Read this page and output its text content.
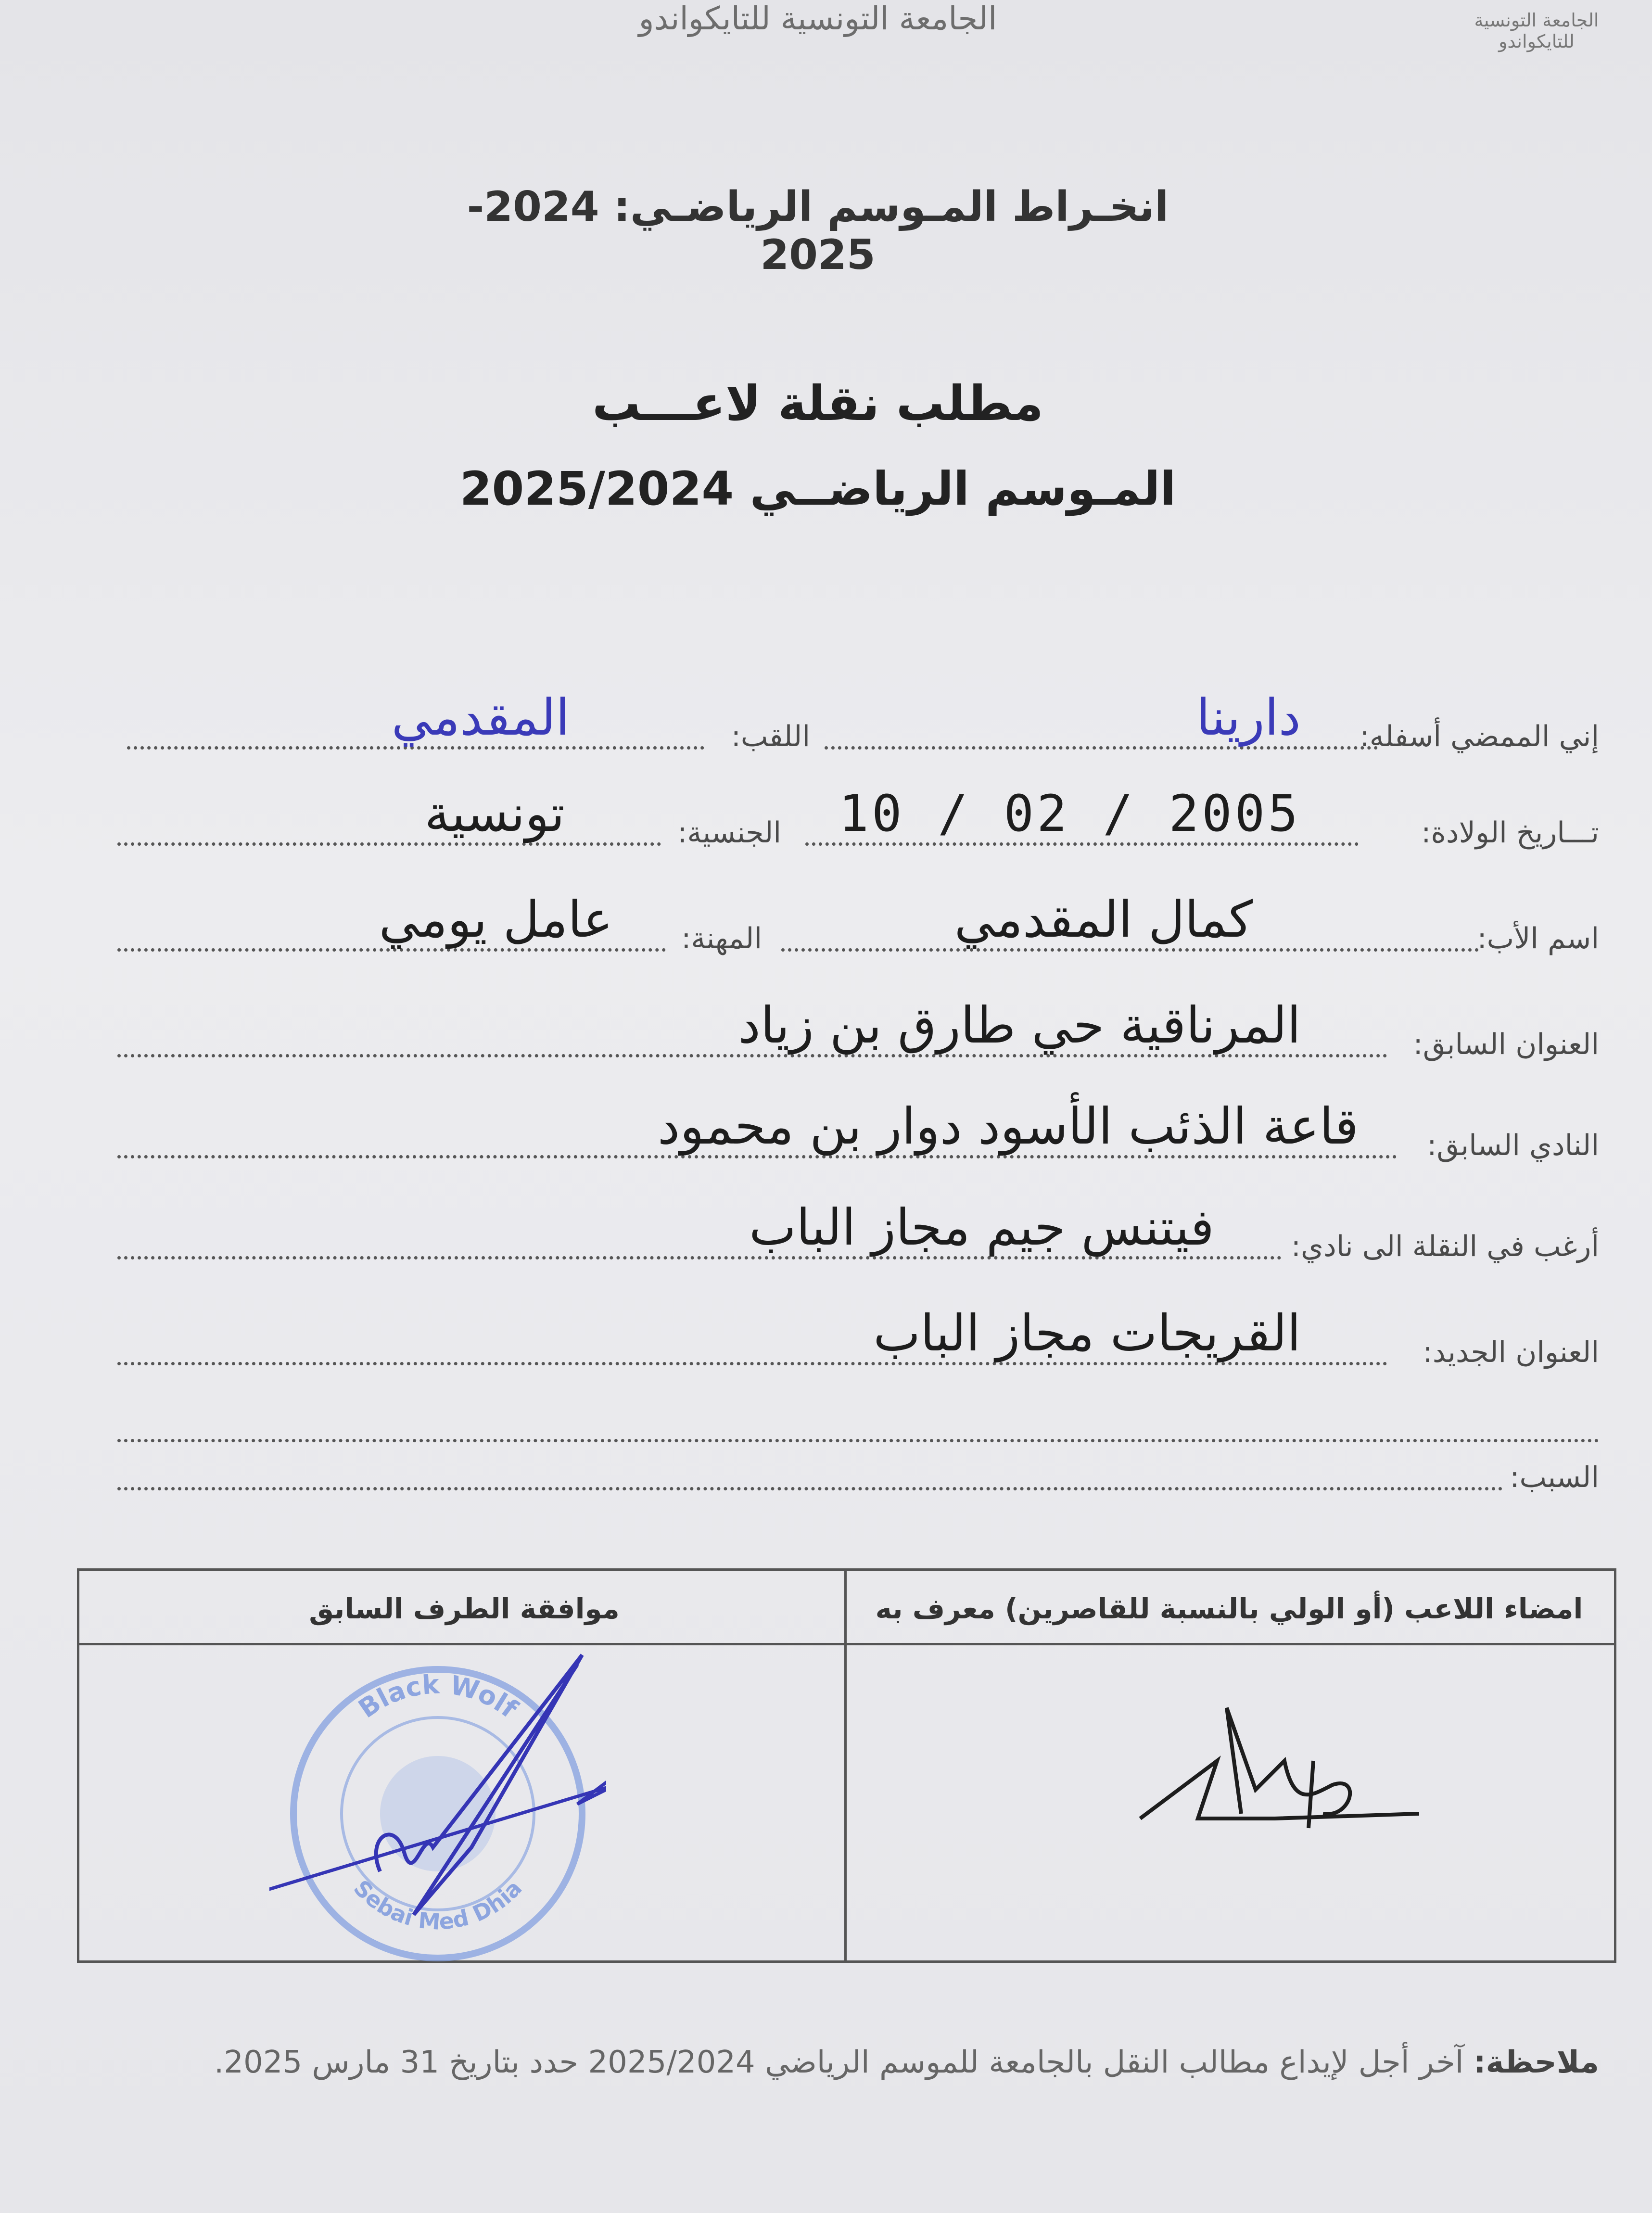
الجامعة التونسية للتايكواندو	الجامعة التونسية للتايكواندو
انخـراط المـوسم الرياضـي: 2024- 2025
مطلب نقلة لاعـــب
المـوسم الرياضــي 2025/2024
إني الممضي أسفله:
دارينا
اللقب:
المقدمي
تـــاريخ الولادة:
2005 / 02 / 10
الجنسية:
تونسية
اسم الأب:
كمال المقدمي
المهنة:
عامل يومي
العنوان السابق:
المرناقية حي طارق بن زياد
النادي السابق:
قاعة الذئب الأسود دوار بن محمود
أرغب في النقلة الى نادي:
فيتنس جيم مجاز الباب
العنوان الجديد:
القريجات مجاز الباب
السبب:
امضاء اللاعب (أو الولي بالنسبة للقاصرين) معرف به
موافقة الطرف السابق
Black Wolf
Sebai Med Dhia
ملاحظة: آخر أجل لإيداع مطالب النقل بالجامعة للموسم الرياضي 2025/2024 حدد بتاريخ 31 مارس 2025.
